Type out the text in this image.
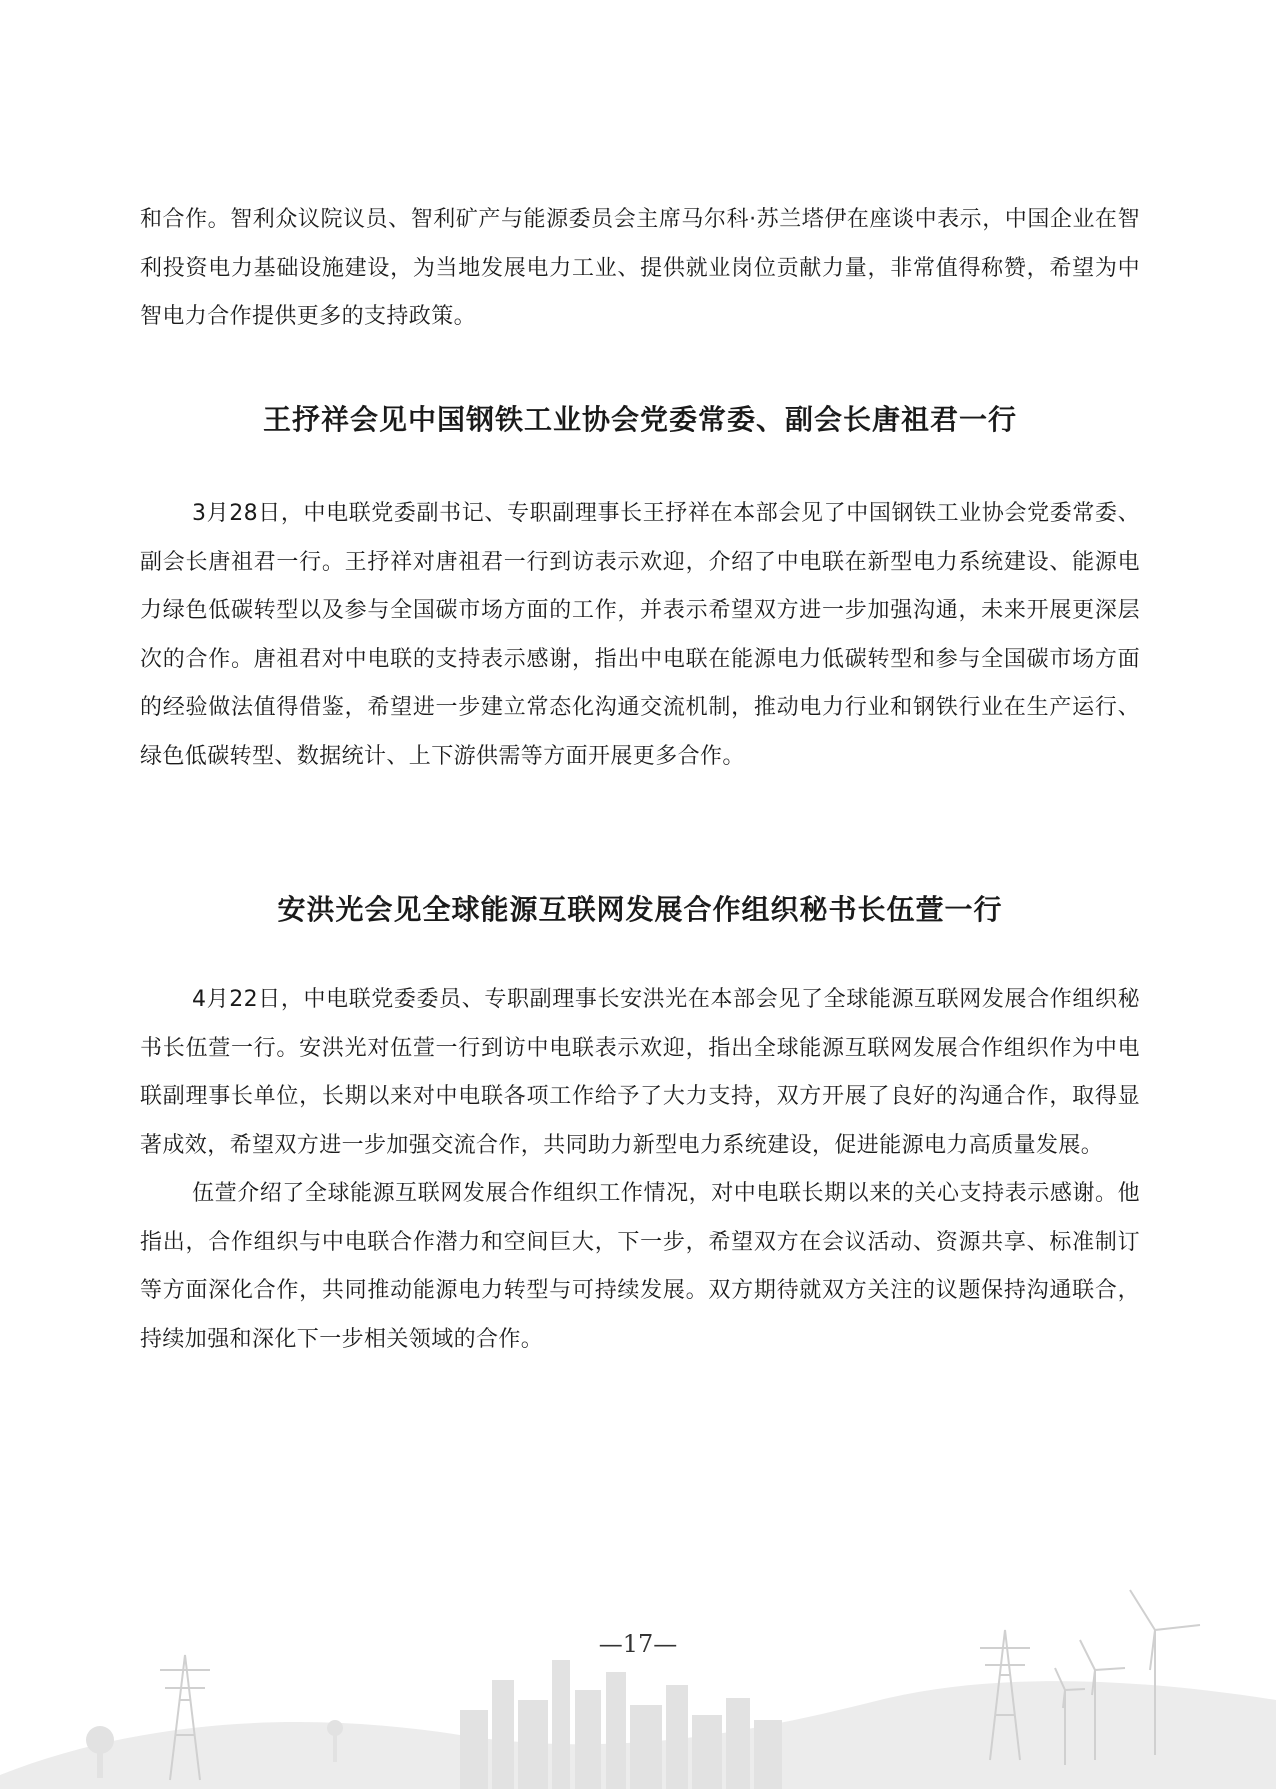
和合作。智利众议院议员、智利矿产与能源委员会主席马尔科·苏兰塔伊在座谈中表示，中国企业在智利投资电力基础设施建设，为当地发展电力工业、提供就业岗位贡献力量，非常值得称赞，希望为中智电力合作提供更多的支持政策。

王抒祥会见中国钢铁工业协会党委常委、副会长唐祖君一行

3月28日，中电联党委副书记、专职副理事长王抒祥在本部会见了中国钢铁工业协会党委常委、副会长唐祖君一行。王抒祥对唐祖君一行到访表示欢迎，介绍了中电联在新型电力系统建设、能源电力绿色低碳转型以及参与全国碳市场方面的工作，并表示希望双方进一步加强沟通，未来开展更深层次的合作。唐祖君对中电联的支持表示感谢，指出中电联在能源电力低碳转型和参与全国碳市场方面的经验做法值得借鉴，希望进一步建立常态化沟通交流机制，推动电力行业和钢铁行业在生产运行、绿色低碳转型、数据统计、上下游供需等方面开展更多合作。

安洪光会见全球能源互联网发展合作组织秘书长伍萱一行

4月22日，中电联党委委员、专职副理事长安洪光在本部会见了全球能源互联网发展合作组织秘书长伍萱一行。安洪光对伍萱一行到访中电联表示欢迎，指出全球能源互联网发展合作组织作为中电联副理事长单位，长期以来对中电联各项工作给予了大力支持，双方开展了良好的沟通合作，取得显著成效，希望双方进一步加强交流合作，共同助力新型电力系统建设，促进能源电力高质量发展。

伍萱介绍了全球能源互联网发展合作组织工作情况，对中电联长期以来的关心支持表示感谢。他指出，合作组织与中电联合作潜力和空间巨大，下一步，希望双方在会议活动、资源共享、标准制订等方面深化合作，共同推动能源电力转型与可持续发展。双方期待就双方关注的议题保持沟通联合，持续加强和深化下一步相关领域的合作。

—17—
